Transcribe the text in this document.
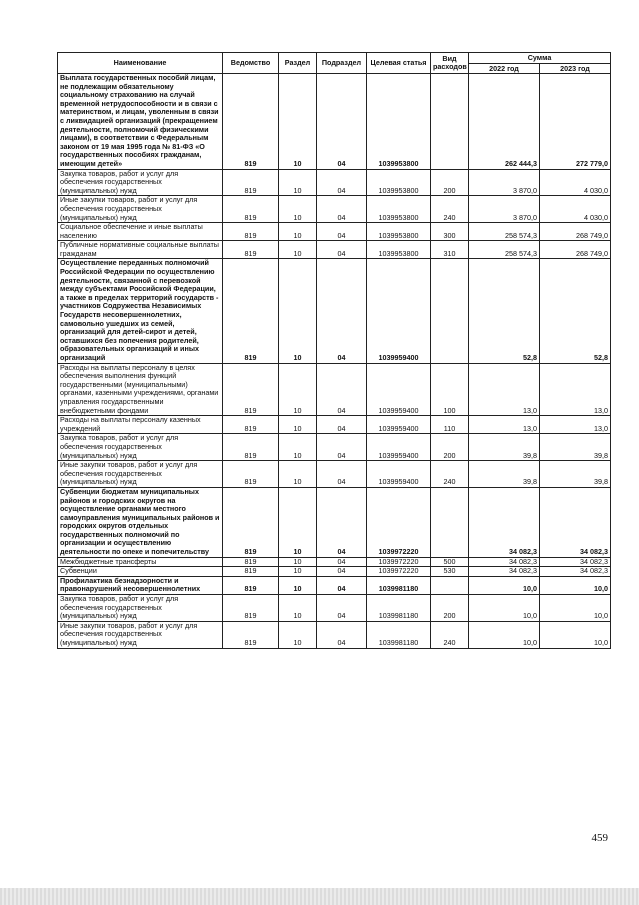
Наименование	Ведомство	Раздел	Подраздел	Целевая статья	Вид расходов	Сумма	
						2022 год	2023 год
Выплата государственных пособий лицам, не подлежащим обязательному социальному страхованию на случай временной нетрудоспособности и в связи с материнством, и лицам, уволенным в связи с ликвидацией организаций (прекращением деятельности, полномочий физическими лицами), в соответствии с Федеральным законом от 19 мая 1995 года № 81-ФЗ «О государственных пособиях гражданам, имеющим детей»	819	10	04	1039953800		262 444,3	272 779,0
Закупка товаров, работ и услуг для обеспечения государственных (муниципальных) нужд	819	10	04	1039953800	200	3 870,0	4 030,0
Иные закупки товаров, работ и услуг для обеспечения государственных (муниципальных) нужд	819	10	04	1039953800	240	3 870,0	4 030,0
Социальное обеспечение и иные выплаты населению	819	10	04	1039953800	300	258 574,3	268 749,0
Публичные нормативные социальные выплаты гражданам	819	10	04	1039953800	310	258 574,3	268 749,0
Осуществление переданных полномочий Российской Федерации по осуществлению деятельности, связанной с перевозкой между субъектами Российской Федерации, а также в пределах территорий государств - участников Содружества Независимых Государств несовершеннолетних, самовольно ушедших из семей, организаций для детей-сирот и детей, оставшихся без попечения родителей, образовательных организаций и иных организаций	819	10	04	1039959400		52,8	52,8
Расходы на выплаты персоналу в целях обеспечения выполнения функций государственными (муниципальными) органами, казенными учреждениями, органами управления государственными внебюджетными фондами	819	10	04	1039959400	100	13,0	13,0
Расходы на выплаты персоналу казенных учреждений	819	10	04	1039959400	110	13,0	13,0
Закупка товаров, работ и услуг для обеспечения государственных (муниципальных) нужд	819	10	04	1039959400	200	39,8	39,8
Иные закупки товаров, работ и услуг для обеспечения государственных (муниципальных) нужд	819	10	04	1039959400	240	39,8	39,8
Субвенции бюджетам муниципальных районов и городских округов на осуществление органами местного самоуправления муниципальных районов и городских округов отдельных государственных полномочий по организации и осуществлению деятельности по опеке и попечительству	819	10	04	1039972220		34 082,3	34 082,3
Межбюджетные трансферты	819	10	04	1039972220	500	34 082,3	34 082,3
Субвенции	819	10	04	1039972220	530	34 082,3	34 082,3
Профилактика безнадзорности и правонарушений несовершеннолетних	819	10	04	1039981180		10,0	10,0
Закупка товаров, работ и услуг для обеспечения государственных (муниципальных) нужд	819	10	04	1039981180	200	10,0	10,0
Иные закупки товаров, работ и услуг для обеспечения государственных (муниципальных) нужд	819	10	04	1039981180	240	10,0	10,0
459
